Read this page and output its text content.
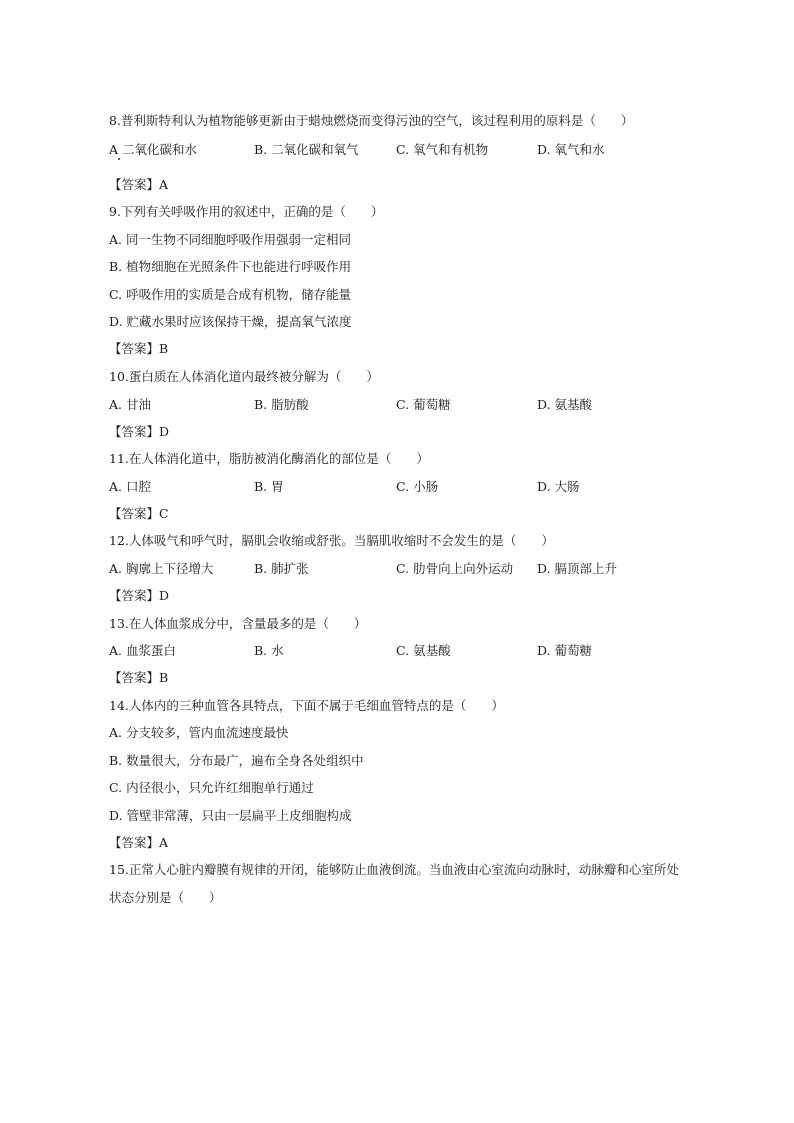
8.普利斯特利认为植物能够更新由于蜡烛燃烧而变得污浊的空气，该过程利用的原料是（　　）
A 二氧化碳和水	B. 二氧化碳和氧气	C. 氧气和有机物	D. 氧气和水
【答案】A
9.下列有关呼吸作用的叙述中，正确的是（　　）
A. 同一生物不同细胞呼吸作用强弱一定相同
B. 植物细胞在光照条件下也能进行呼吸作用
C. 呼吸作用的实质是合成有机物，储存能量
D. 贮藏水果时应该保持干燥，提高氧气浓度
【答案】B
10.蛋白质在人体消化道内最终被分解为（　　）
A. 甘油	B. 脂肪酸	C. 葡萄糖	D. 氨基酸
【答案】D
11.在人体消化道中，脂肪被消化酶消化的部位是（　　）
A. 口腔	B. 胃	C. 小肠	D. 大肠
【答案】C
12.人体吸气和呼气时，膈肌会收缩或舒张。当膈肌收缩时不会发生的是（　　）
A. 胸廓上下径增大	B. 肺扩张	C. 肋骨向上向外运动 D. 膈顶部上升
【答案】D
13.在人体血浆成分中，含量最多的是（　　）
A. 血浆蛋白	B. 水	C. 氨基酸	D. 葡萄糖
【答案】B
14.人体内的三种血管各具特点，下面不属于毛细血管特点的是（　　）
A. 分支较多，管内血流速度最快
B. 数量很大，分布最广，遍布全身各处组织中
C. 内径很小，只允许红细胞单行通过
D. 管壁非常薄，只由一层扁平上皮细胞构成
【答案】A
15.正常人心脏内瓣膜有规律的开闭，能够防止血液倒流。当血液由心室流向动脉时，动脉瓣和心室所处
状态分别是（　　）
